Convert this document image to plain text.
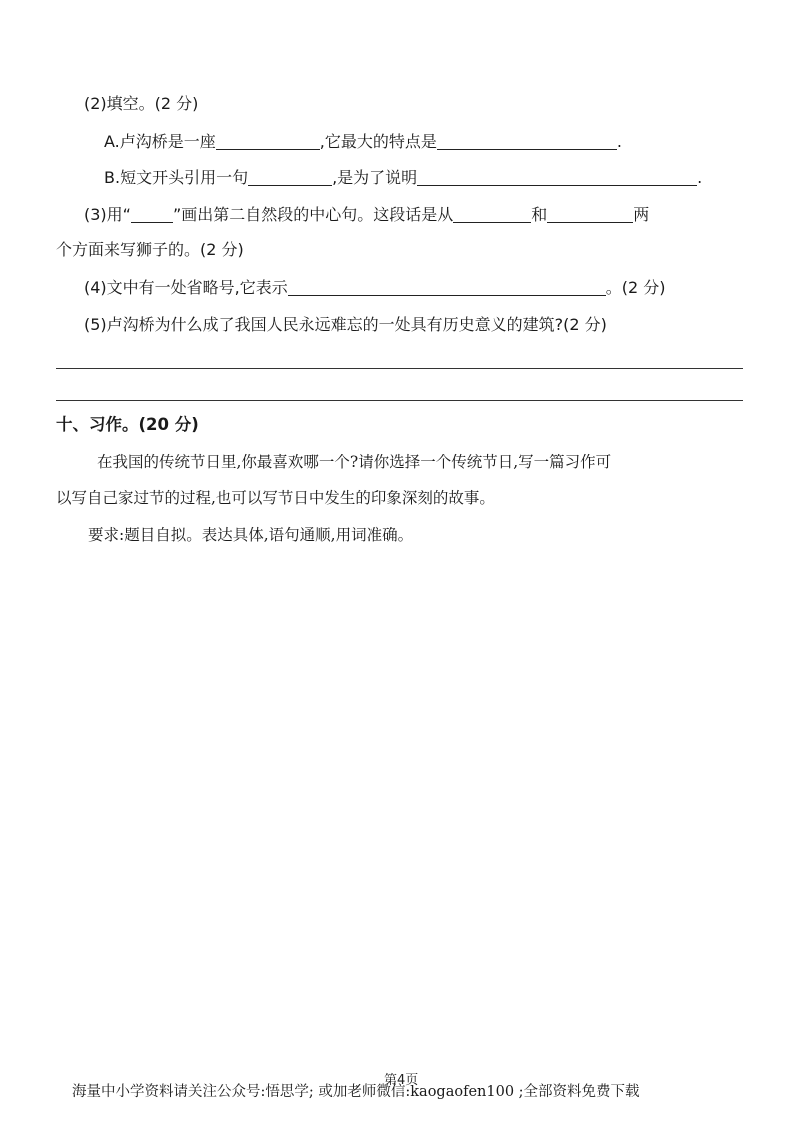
(2)填空。(2 分)
A.卢沟桥是一座	,它最大的特点是	.
B.短文开头引用一句	,是为了说明	.
(3)用“	”画出第二自然段的中心句。这段话是从	和	两
个方面来写狮子的。(2 分)
(4)文中有一处省略号,它表示	。(2 分)
(5)卢沟桥为什么成了我国人民永远难忘的一处具有历史意义的建筑?(2 分)
十、习作。(20 分)
在我国的传统节日里,你最喜欢哪一个?请你选择一个传统节日,写一篇习作可
以写自己家过节的过程,也可以写节日中发生的印象深刻的故事。
要求:题目自拟。表达具体,语句通顺,用词准确。
第4页
海量中小学资料请关注公众号:悟思学; 或加老师微信:kaogaofen100 ;全部资料免费下载
